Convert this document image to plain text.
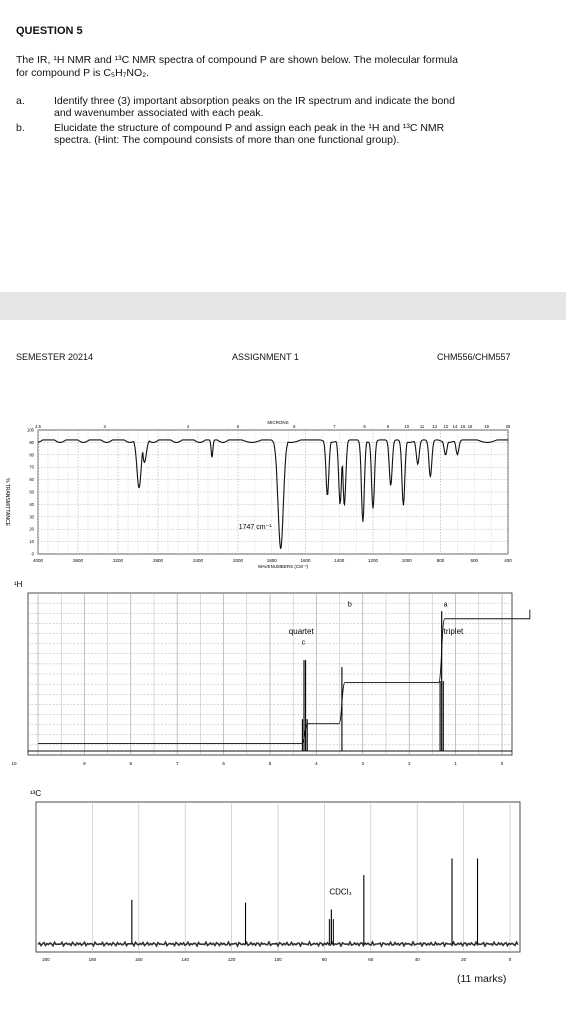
QUESTION 5
The IR, ¹H NMR and ¹³C NMR spectra of compound P are shown below. The molecular formula
for compound P is C₅H₇NO₂.
a.	Identify three (3) important absorption peaks on the IR spectrum and indicate the bond
and wavenumber associated with each peak.
b.	Elucidate the structure of compound P and assign each peak in the ¹H and ¹³C NMR
spectra. (Hint: The compound consists of more than one functional group).
SEMESTER 20214	ASSIGNMENT 1	CHM556/CHM557
% TRANSMITTANCE
MICRONS
WAVENUMBERS (CM⁻¹)
4000	3600	3200	2800	2400	2000	1800	1600	1400	1200	1000	800	600	400
100
90
80
70
60
50
40
30
20
10
0
2.5	3	4	5	6	7	8	9	10	11 12 13 14 15 16	19	25
1747 cm⁻¹
¹H
10	9	8	7	6	5	4	3	2	1	0
b	a
c
quartet	triplet
¹³C
200	180	160	140	120	100	80	60	40	20	0
CDCl₃
(11 marks)
